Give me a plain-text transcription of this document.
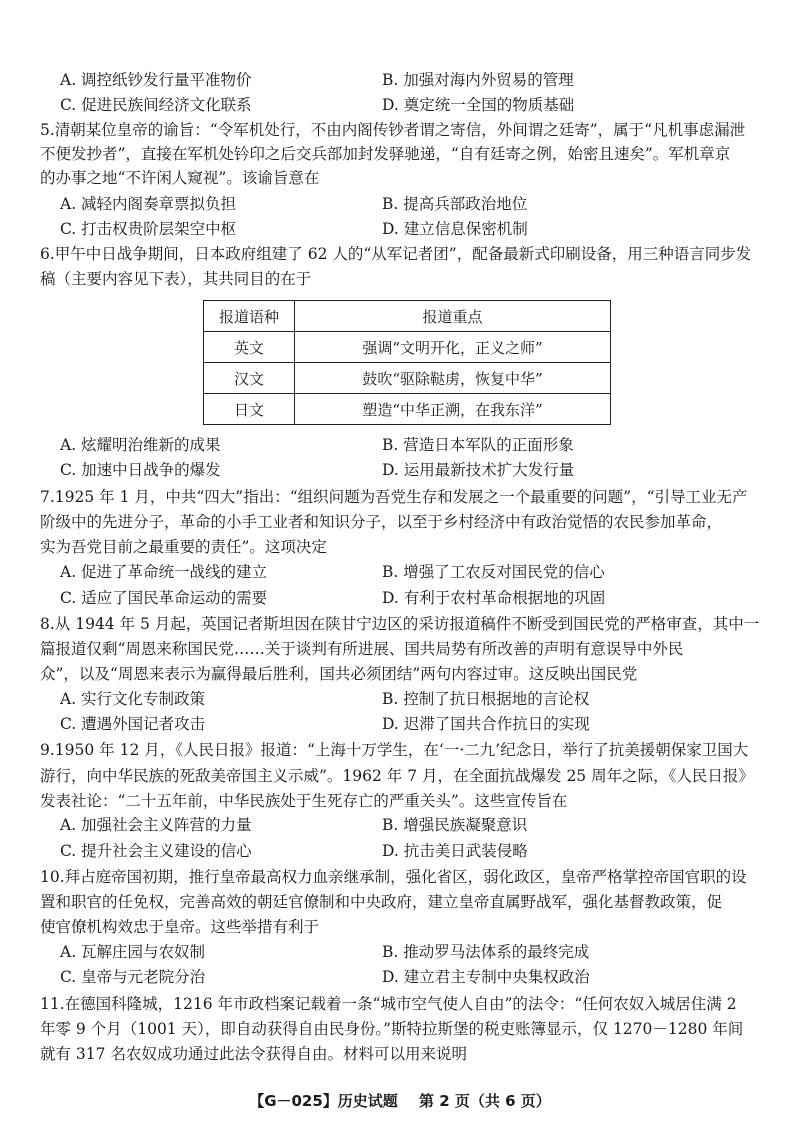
A. 调控纸钞发行量平准物价	B. 加强对海内外贸易的管理
C. 促进民族间经济文化联系	D. 奠定统一全国的物质基础
5.清朝某位皇帝的谕旨：“令军机处行，不由内阁传钞者谓之寄信，外间谓之廷寄”，属于“凡机事虑漏泄
不便发抄者”，直接在军机处钤印之后交兵部加封发驿驰递，“自有廷寄之例，始密且速矣”。军机章京
的办事之地“不许闲人窥视”。该谕旨意在
A. 减轻内阁奏章票拟负担	B. 提高兵部政治地位
C. 打击权贵阶层架空中枢	D. 建立信息保密机制
6.甲午中日战争期间，日本政府组建了 62 人的“从军记者团”，配备最新式印刷设备，用三种语言同步发
稿（主要内容见下表），其共同目的在于
报道语种	报道重点
英文	强调“文明开化，正义之师”
汉文	鼓吹“驱除鞑虏，恢复中华”
日文	塑造“中华正溯，在我东洋”
A. 炫耀明治维新的成果	B. 营造日本军队的正面形象
C. 加速中日战争的爆发	D. 运用最新技术扩大发行量
7.1925 年 1 月，中共“四大”指出：“组织问题为吾党生存和发展之一个最重要的问题”，“引导工业无产
阶级中的先进分子，革命的小手工业者和知识分子，以至于乡村经济中有政治觉悟的农民参加革命，
实为吾党目前之最重要的责任”。这项决定
A. 促进了革命统一战线的建立	B. 增强了工农反对国民党的信心
C. 适应了国民革命运动的需要	D. 有利于农村革命根据地的巩固
8.从 1944 年 5 月起，英国记者斯坦因在陕甘宁边区的采访报道稿件不断受到国民党的严格审查，其中一
篇报道仅剩“周恩来称国民党……关于谈判有所进展、国共局势有所改善的声明有意误导中外民
众”，以及“周恩来表示为赢得最后胜利，国共必须团结”两句内容过审。这反映出国民党
A. 实行文化专制政策	B. 控制了抗日根据地的言论权
C. 遭遇外国记者攻击	D. 迟滞了国共合作抗日的实现
9.1950 年 12 月，《人民日报》报道：“上海十万学生，在‘一·二九’纪念日，举行了抗美援朝保家卫国大
游行，向中华民族的死敌美帝国主义示威”。1962 年 7 月，在全面抗战爆发 25 周年之际，《人民日报》
发表社论：“二十五年前，中华民族处于生死存亡的严重关头”。这些宣传旨在
A. 加强社会主义阵营的力量	B. 增强民族凝聚意识
C. 提升社会主义建设的信心	D. 抗击美日武装侵略
10.拜占庭帝国初期，推行皇帝最高权力血亲继承制，强化省区，弱化政区，皇帝严格掌控帝国官职的设
置和职官的任免权，完善高效的朝廷官僚制和中央政府，建立皇帝直属野战军，强化基督教政策，促
使官僚机构效忠于皇帝。这些举措有利于
A. 瓦解庄园与农奴制	B. 推动罗马法体系的最终完成
C. 皇帝与元老院分治	D. 建立君主专制中央集权政治
11.在德国科隆城，1216 年市政档案记载着一条“城市空气使人自由”的法令：“任何农奴入城居住满 2
年零 9 个月（1001 天），即自动获得自由民身份。”斯特拉斯堡的税吏账簿显示，仅 1270－1280 年间
就有 317 名农奴成功通过此法令获得自由。材料可以用来说明
【G－025】历史试题 第 2 页（共 6 页）
